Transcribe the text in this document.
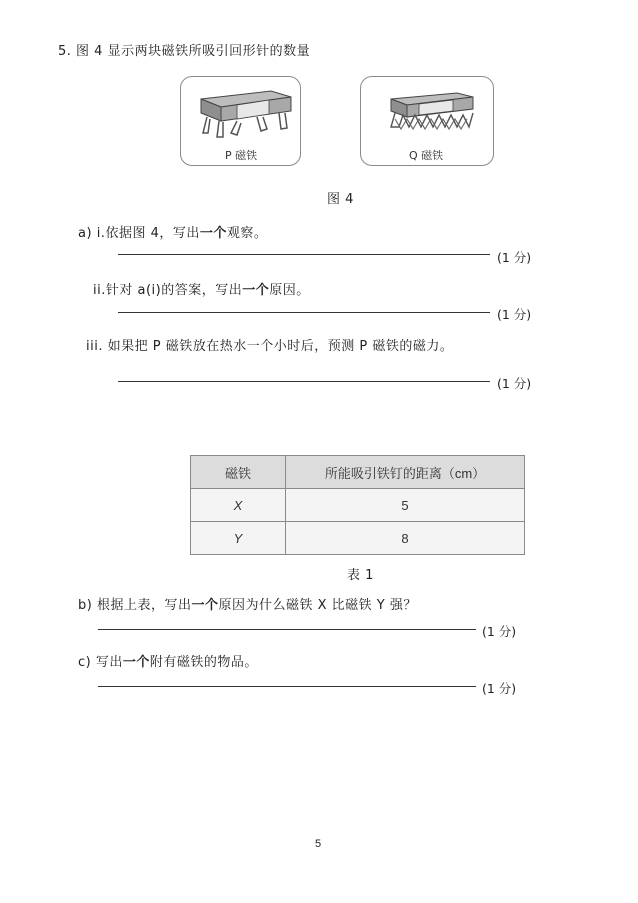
5. 图 4 显示两块磁铁所吸引回形针的数量
P 磁铁	Q 磁铁
图 4
a) i.依据图 4，写出一个观察。
(1 分)
ii.针对 a(i)的答案，写出一个原因。
(1 分)
iii. 如果把 P 磁铁放在热水一个小时后，预测 P 磁铁的磁力。
(1 分)
磁铁	所能吸引铁钉的距离（cm）
X	5
Y	8
表 1
b) 根据上表，写出一个原因为什么磁铁 X 比磁铁 Y 强？
(1 分)
c) 写出一个附有磁铁的物品。
(1 分)
5
